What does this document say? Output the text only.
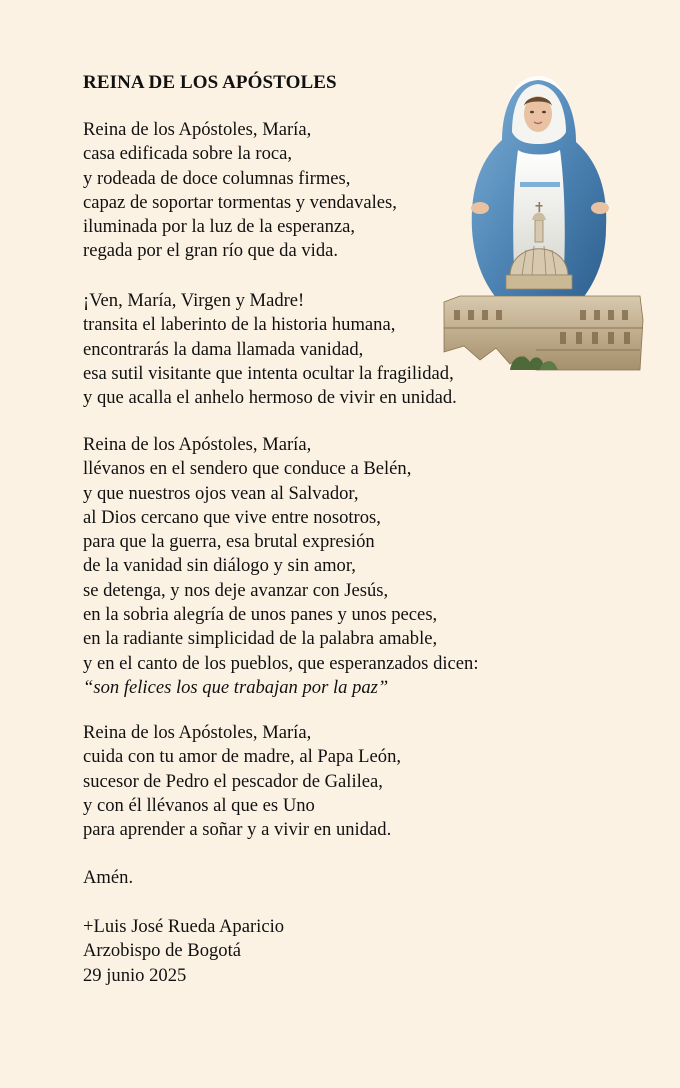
REINA DE LOS APÓSTOLES

Reina de los Apóstoles, María,
casa edificada sobre la roca,
y rodeada de doce columnas firmes,
capaz de soportar tormentas y vendavales,
iluminada por la luz de la esperanza,
regada por el gran río que da vida.

¡Ven, María, Virgen y Madre!
transita el laberinto de la historia humana,
encontrarás la dama llamada vanidad,
esa sutil visitante que intenta ocultar la fragilidad,
y que acalla el anhelo hermoso de vivir en unidad.

Reina de los Apóstoles, María,
llévanos en el sendero que conduce a Belén,
y que nuestros ojos vean al Salvador,
al Dios cercano que vive entre nosotros,
para que la guerra, esa brutal expresión
de la vanidad sin diálogo y sin amor,
se detenga, y nos deje avanzar con Jesús,
en la sobria alegría de unos panes y unos peces,
en la radiante simplicidad de la palabra amable,
y en el canto de los pueblos, que esperanzados dicen:
“son felices los que trabajan por la paz”

Reina de los Apóstoles, María,
cuida con tu amor de madre, al Papa León,
sucesor de Pedro el pescador de Galilea,
y con él llévanos al que es Uno
para aprender a soñar y a vivir en unidad.

Amén.

+Luis José Rueda Aparicio
Arzobispo de Bogotá
29 junio 2025
